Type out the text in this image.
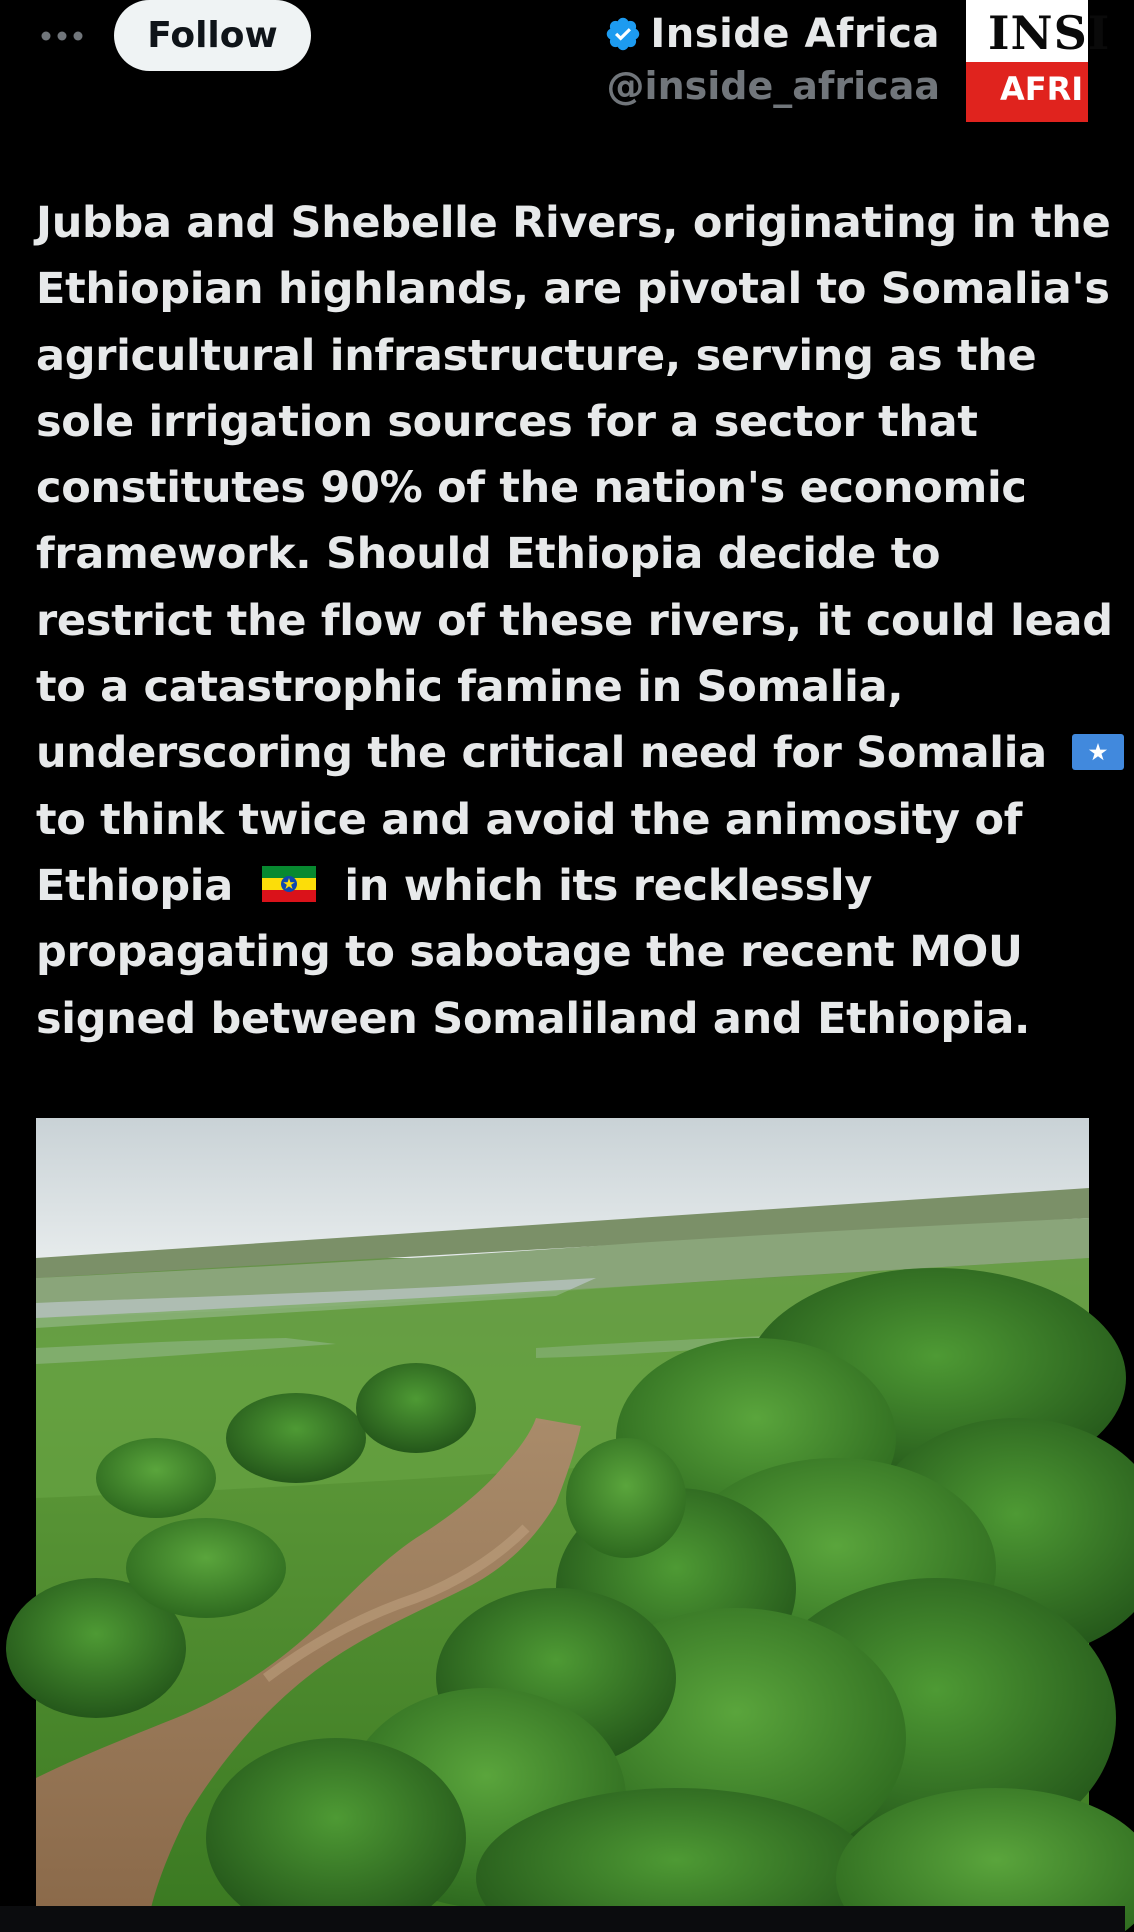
Follow	Inside Africa
@inside_africaa
INSI
AFRI
Jubba and Shebelle Rivers, originating in the
Ethiopian highlands, are pivotal to Somalia's
agricultural infrastructure, serving as the
sole irrigation sources for a sector that
constitutes 90% of the nation's economic
framework. Should Ethiopia decide to
restrict the flow of these rivers, it could lead
to a catastrophic famine in Somalia,
underscoring the critical need for Somalia
to think twice and avoid the animosity of
Ethiopia	in which its recklessly
propagating to sabotage the recent MOU
signed between Somaliland and Ethiopia.
